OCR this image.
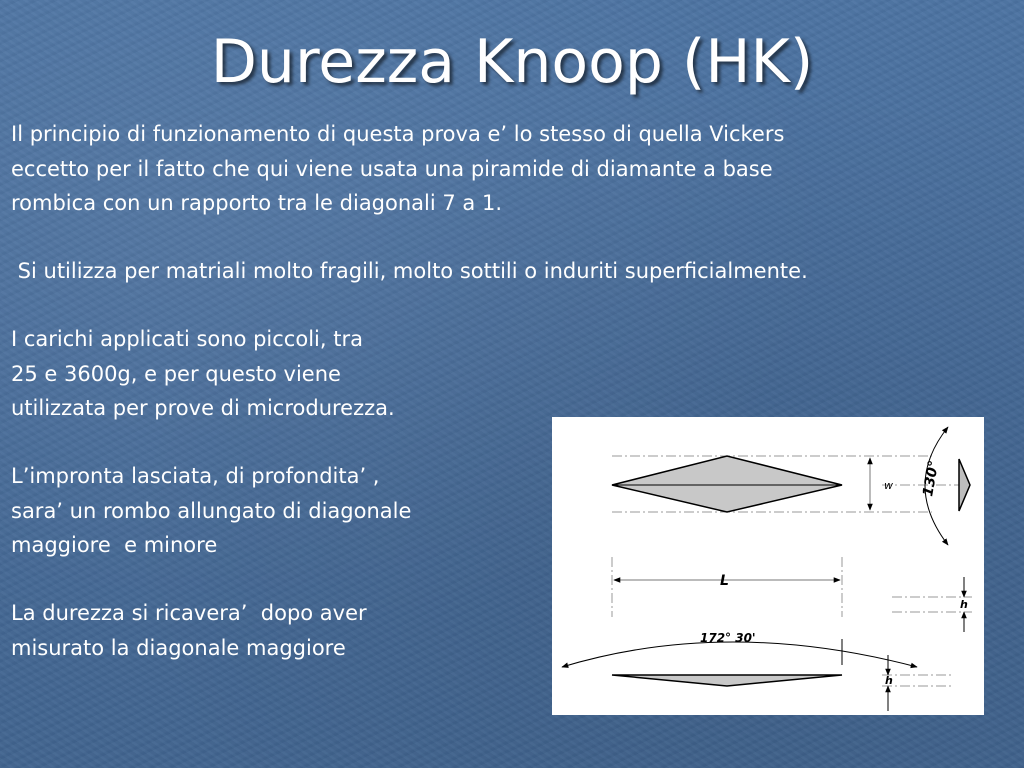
Durezza Knoop (HK)
Il principio di funzionamento di questa prova e’ lo stesso di quella Vickers
eccetto per il fatto che qui viene usata una piramide di diamante a base
rombica con un rapporto tra le diagonali 7 a 1.
Si utilizza per matriali molto fragili, molto sottili o induriti superficialmente.
I carichi applicati sono piccoli, tra
25 e 3600g, e per questo viene
utilizzata per prove di microdurezza.
L’impronta lasciata, di profondita’ ,
sara’ un rombo allungato di diagonale
maggiore  e minore
La durezza si ricavera’  dopo aver
misurato la diagonale maggiore
w 130°
L
h
172° 30'
h
